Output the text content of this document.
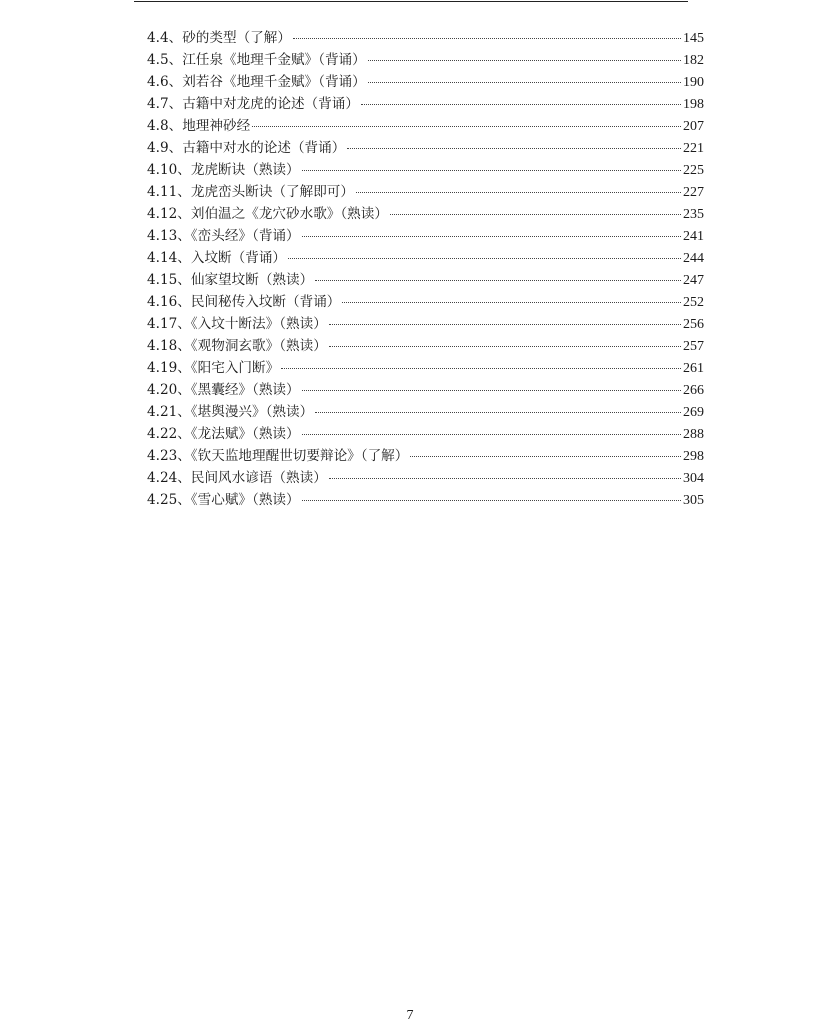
4.4、砂的类型（了解）	145
4.5、江任泉《地理千金赋》（背诵）	182
4.6、刘若谷《地理千金赋》（背诵）	190
4.7、古籍中对龙虎的论述（背诵）	198
4.8、地理神砂经	207
4.9、古籍中对水的论述（背诵）	221
4.10、龙虎断诀（熟读）	225
4.11、龙虎峦头断诀（了解即可）	227
4.12、刘伯温之《龙穴砂水歌》（熟读）	235
4.13、《峦头经》（背诵）	241
4.14、入坟断（背诵）	244
4.15、仙家望坟断（熟读）	247
4.16、民间秘传入坟断（背诵）	252
4.17、《入坟十断法》（熟读）	256
4.18、《观物洞玄歌》（熟读）	257
4.19、《阳宅入门断》	261
4.20、《黑囊经》（熟读）	266
4.21、《堪舆漫兴》（熟读）	269
4.22、《龙法赋》（熟读）	288
4.23、《钦天监地理醒世切要辩论》（了解）	298
4.24、民间风水谚语（熟读）	304
4.25、《雪心赋》（熟读）	305
7
